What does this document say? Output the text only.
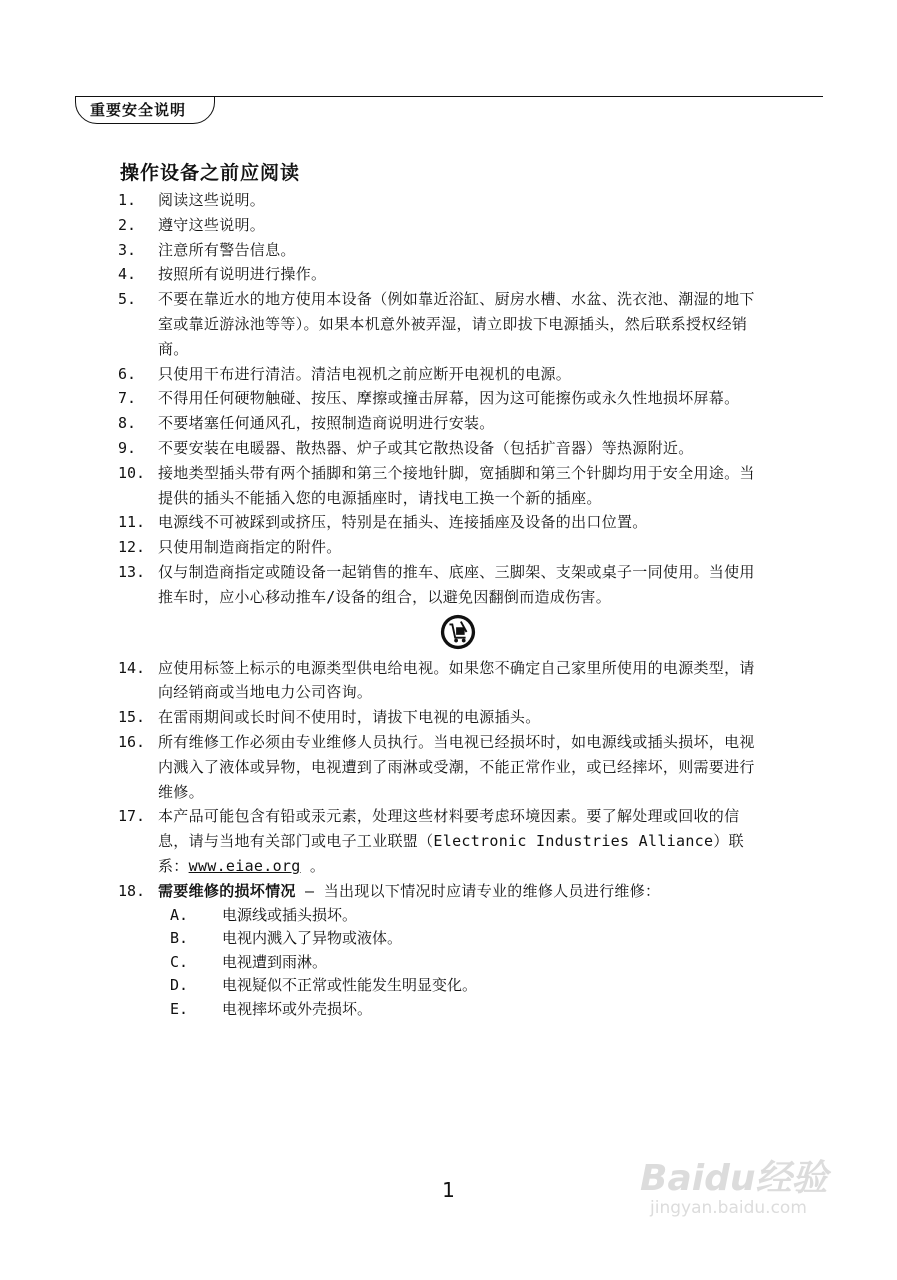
重要安全说明
操作设备之前应阅读
1.	阅读这些说明。
2.	遵守这些说明。
3.	注意所有警告信息。
4.	按照所有说明进行操作。
5.	不要在靠近水的地方使用本设备（例如靠近浴缸、厨房水槽、水盆、洗衣池、潮湿的地下室或靠近游泳池等等）。如果本机意外被弄湿，请立即拔下电源插头，然后联系授权经销商。
6.	只使用干布进行清洁。清洁电视机之前应断开电视机的电源。
7.	不得用任何硬物触碰、按压、摩擦或撞击屏幕，因为这可能擦伤或永久性地损坏屏幕。
8.	不要堵塞任何通风孔，按照制造商说明进行安装。
9.	不要安装在电暖器、散热器、炉子或其它散热设备（包括扩音器）等热源附近。
10. 接地类型插头带有两个插脚和第三个接地针脚，宽插脚和第三个针脚均用于安全用途。当提供的插头不能插入您的电源插座时，请找电工换一个新的插座。
11. 电源线不可被踩到或挤压，特别是在插头、连接插座及设备的出口位置。
12. 只使用制造商指定的附件。
13. 仅与制造商指定或随设备一起销售的推车、底座、三脚架、支架或桌子一同使用。当使用推车时，应小心移动推车/设备的组合，以避免因翻倒而造成伤害。
14. 应使用标签上标示的电源类型供电给电视。如果您不确定自己家里所使用的电源类型，请向经销商或当地电力公司咨询。
15. 在雷雨期间或长时间不使用时，请拔下电视的电源插头。
16. 所有维修工作必须由专业维修人员执行。当电视已经损坏时，如电源线或插头损坏，电视内溅入了液体或异物，电视遭到了雨淋或受潮，不能正常作业，或已经摔坏，则需要进行维修。
17. 本产品可能包含有铅或汞元素，处理这些材料要考虑环境因素。要了解处理或回收的信息，请与当地有关部门或电子工业联盟（Electronic Industries Alliance）联系：www.eiae.org 。
18. 需要维修的损坏情况 – 当出现以下情况时应请专业的维修人员进行维修：
A.	电源线或插头损坏。
B.	电视内溅入了异物或液体。
C.	电视遭到雨淋。
D.	电视疑似不正常或性能发生明显变化。
E.	电视摔坏或外壳损坏。
1	Baidu经验
jingyan.baidu.com
